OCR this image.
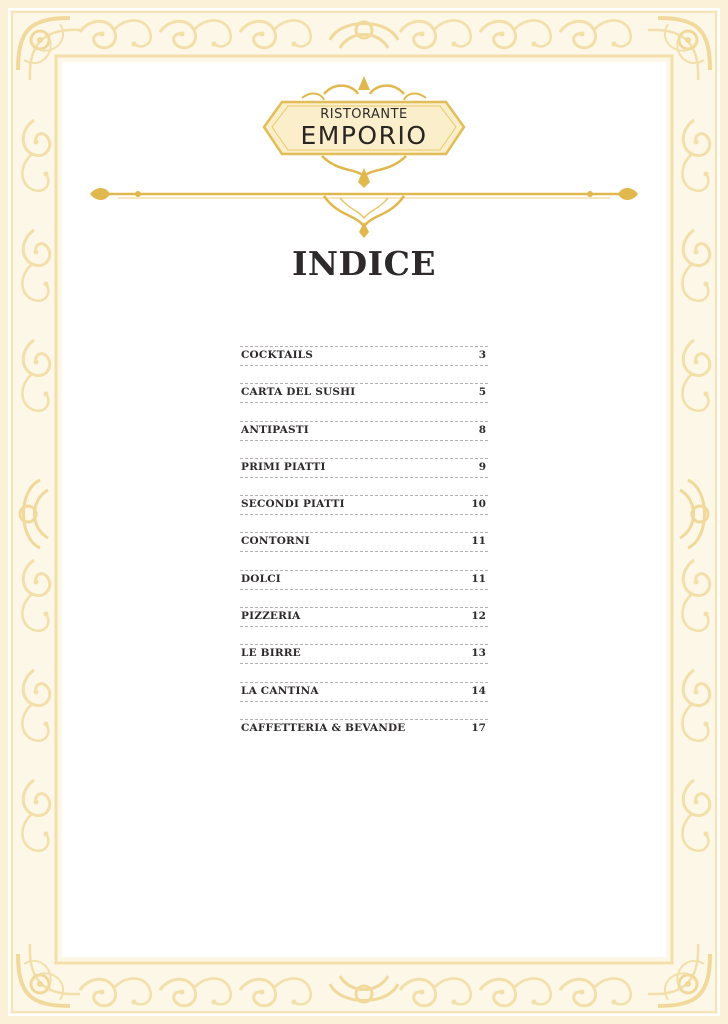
RISTORANTE
EMPORIO
INDICE
COCKTAILS	3
CARTA DEL SUSHI	5
ANTIPASTI	8
PRIMI PIATTI	9
SECONDI PIATTI	10
CONTORNI	11
DOLCI	11
PIZZERIA	12
LE BIRRE	13
LA CANTINA	14
CAFFETTERIA & BEVANDE	17
